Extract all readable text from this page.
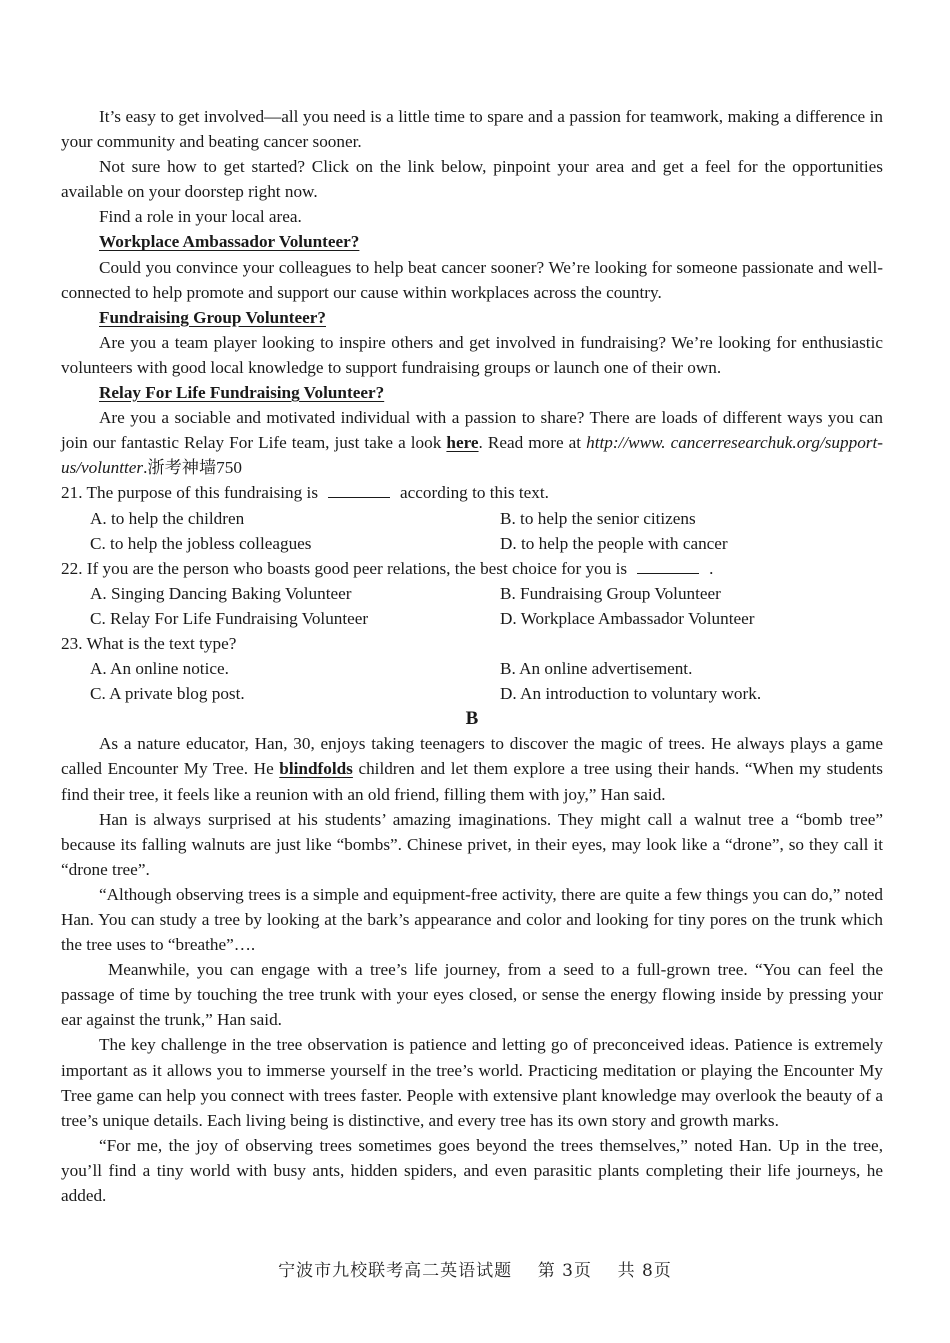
It’s easy to get involved—all you need is a little time to spare and a passion for teamwork, making a difference in your community and beating cancer sooner.

Not sure how to get started? Click on the link below, pinpoint your area and get a feel for the opportunities available on your doorstep right now.

Find a role in your local area.

Workplace Ambassador Volunteer?

Could you convince your colleagues to help beat cancer sooner? We’re looking for someone passionate and well-connected to help promote and support our cause within workplaces across the country.

Fundraising Group Volunteer?

Are you a team player looking to inspire others and get involved in fundraising? We’re looking for enthusiastic volunteers with good local knowledge to support fundraising groups or launch one of their own.

Relay For Life Fundraising Volunteer?

Are you a sociable and motivated individual with a passion to share? There are loads of different ways you can join our fantastic Relay For Life team, just take a look here. Read more at http://www. cancerresearchuk.org/support-us/voluntter.浙考神墙750

21. The purpose of this fundraising is	according to this text.

A. to help the children	B. to help the senior citizens
C. to help the jobless colleagues	D. to help the people with cancer

22. If you are the person who boasts good peer relations, the best choice for you is	.

A. Singing Dancing Baking Volunteer	B. Fundraising Group Volunteer
C. Relay For Life Fundraising Volunteer	D. Workplace Ambassador Volunteer

23. What is the text type?

A. An online notice.	B. An online advertisement.
C. A private blog post.	D. An introduction to voluntary work.
B

As a nature educator, Han, 30, enjoys taking teenagers to discover the magic of trees. He always plays a game called Encounter My Tree. He blindfolds children and let them explore a tree using their hands. “When my students find their tree, it feels like a reunion with an old friend, filling them with joy,” Han said.

Han is always surprised at his students’ amazing imaginations. They might call a walnut tree a “bomb tree” because its falling walnuts are just like “bombs”. Chinese privet, in their eyes, may look like a “drone”, so they call it “drone tree”.

“Although observing trees is a simple and equipment-free activity, there are quite a few things you can do,” noted Han. You can study a tree by looking at the bark’s appearance and color and looking for tiny pores on the trunk which the tree uses to “breathe”….

Meanwhile, you can engage with a tree’s life journey, from a seed to a full-grown tree. “You can feel the passage of time by touching the tree trunk with your eyes closed, or sense the energy flowing inside by pressing your ear against the trunk,” Han said.

The key challenge in the tree observation is patience and letting go of preconceived ideas. Patience is extremely important as it allows you to immerse yourself in the tree’s world. Practicing meditation or playing the Encounter My Tree game can help you connect with trees faster. People with extensive plant knowledge may overlook the beauty of a tree’s unique details. Each living being is distinctive, and every tree has its own story and growth marks.

“For me, the joy of observing trees sometimes goes beyond the trees themselves,” noted Han. Up in the tree, you’ll find a tiny world with busy ants, hidden spiders, and even parasitic plants completing their life journeys, he added.

宁波市九校联考高二英语试题 第 3页 共 8页
